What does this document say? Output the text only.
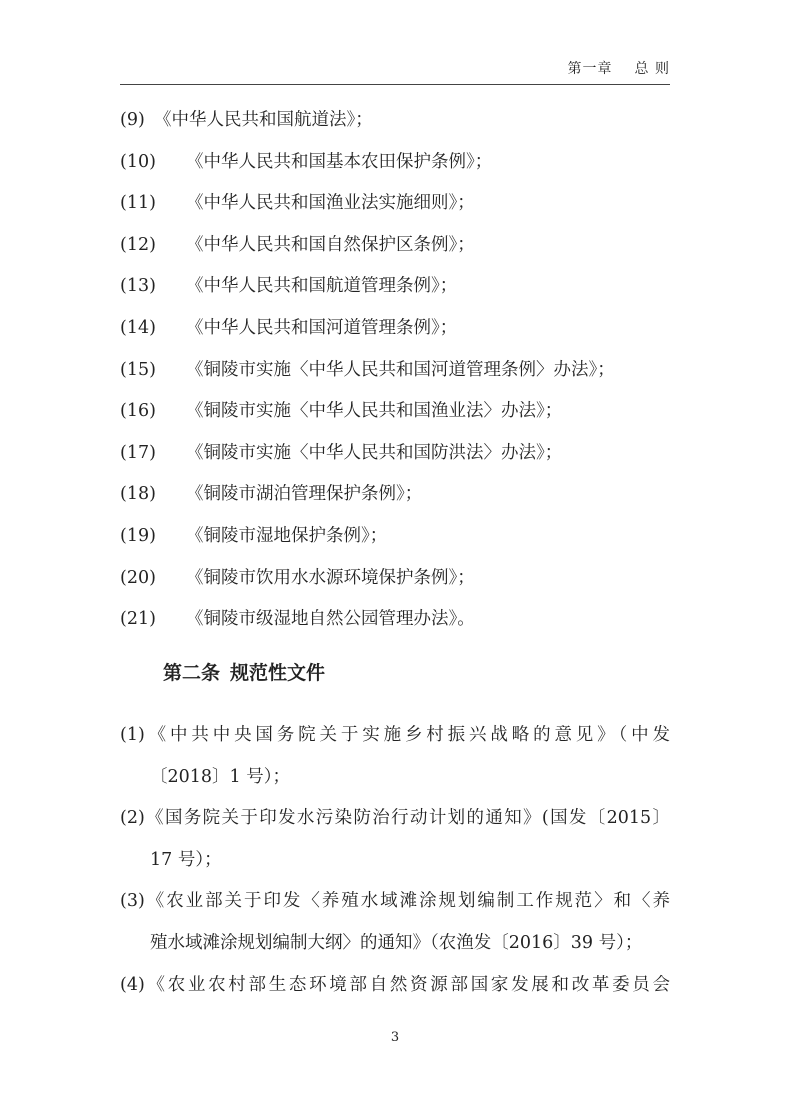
第一章 总 则
(9) 《中华人民共和国航道法》；
(10) 《中华人民共和国基本农田保护条例》；
(11) 《中华人民共和国渔业法实施细则》；
(12) 《中华人民共和国自然保护区条例》；
(13) 《中华人民共和国航道管理条例》；
(14) 《中华人民共和国河道管理条例》；
(15) 《铜陵市实施〈中华人民共和国河道管理条例〉办法》；
(16) 《铜陵市实施〈中华人民共和国渔业法〉办法》；
(17) 《铜陵市实施〈中华人民共和国防洪法〉办法》；
(18) 《铜陵市湖泊管理保护条例》；
(19) 《铜陵市湿地保护条例》；
(20) 《铜陵市饮用水水源环境保护条例》；
(21) 《铜陵市级湿地自然公园管理办法》。
第二条 规范性文件
(1)《中共中央国务院关于实施乡村振兴战略的意见》（中发
〔2018〕1 号）；
(2)《国务院关于印发水污染防治行动计划的通知》(国发〔2015〕
17 号）；
(3)《农业部关于印发〈养殖水域滩涂规划编制工作规范〉和〈养
殖水域滩涂规划编制大纲〉的通知》（农渔发〔2016〕39 号）；
(4)《农业农村部生态环境部自然资源部国家发展和改革委员会
3
